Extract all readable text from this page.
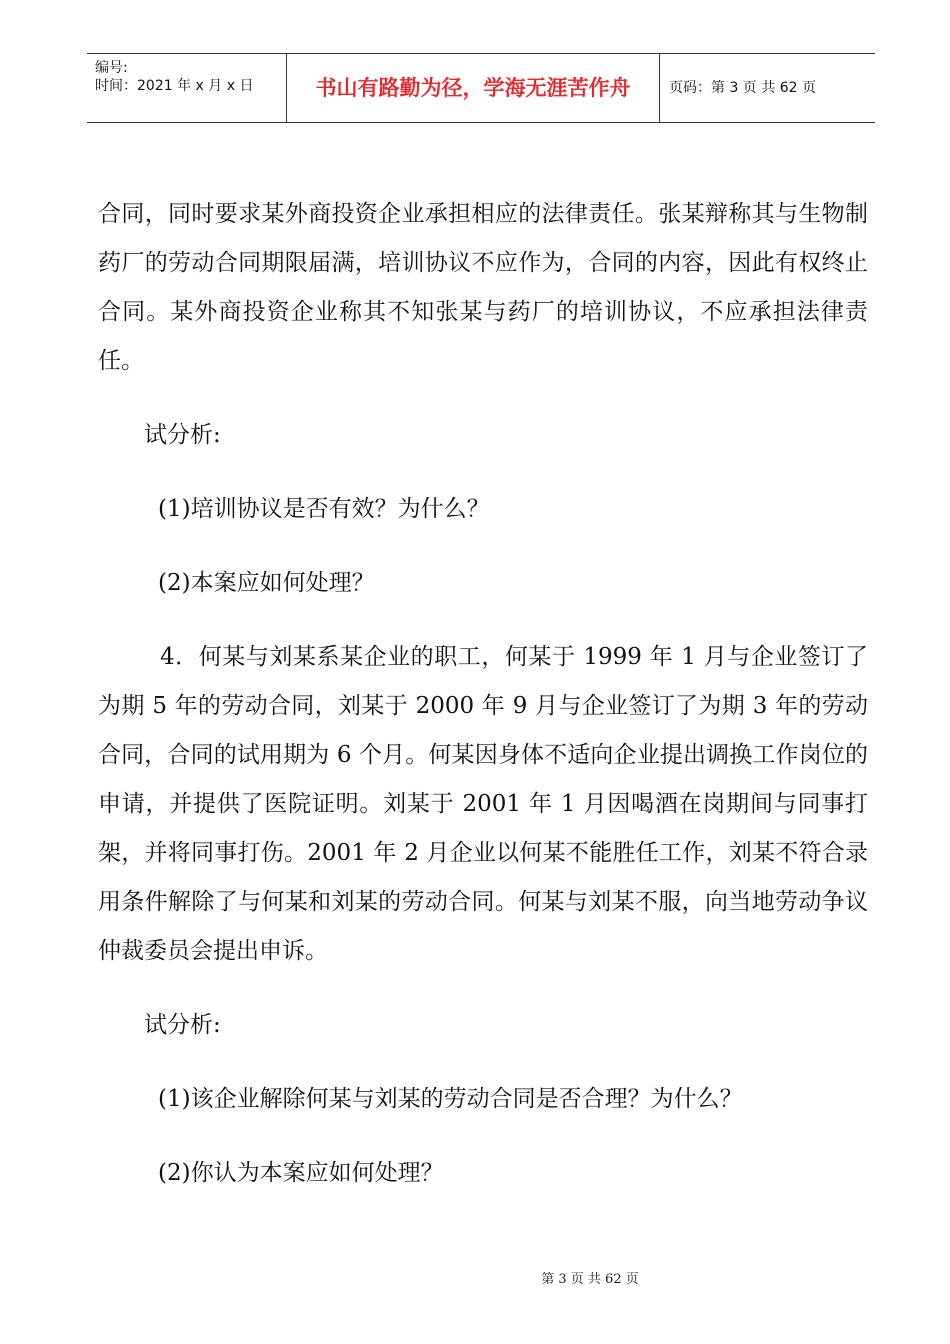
编号:
时间：2021 年 x 月 x 日	书山有路勤为径，学海无涯苦作舟	页码：第 3 页 共 62 页

合同，同时要求某外商投资企业承担相应的法律责任。张某辩称其与生物制药厂的劳动合同期限届满，培训协议不应作为，合同的内容，因此有权终止合同。某外商投资企业称其不知张某与药厂的培训协议，不应承担法律责任。

试分析:

(1)培训协议是否有效？为什么？

(2)本案应如何处理？

4．何某与刘某系某企业的职工，何某于 1999 年 1 月与企业签订了为期 5 年的劳动合同，刘某于 2000 年 9 月与企业签订了为期 3 年的劳动合同，合同的试用期为 6 个月。何某因身体不适向企业提出调换工作岗位的申请，并提供了医院证明。刘某于 2001 年 1 月因喝酒在岗期间与同事打架，并将同事打伤。2001 年 2 月企业以何某不能胜任工作，刘某不符合录用条件解除了与何某和刘某的劳动合同。何某与刘某不服，向当地劳动争议仲裁委员会提出申诉。

试分析:

(1)该企业解除何某与刘某的劳动合同是否合理？为什么？

(2)你认为本案应如何处理？

第 3 页 共 62 页
